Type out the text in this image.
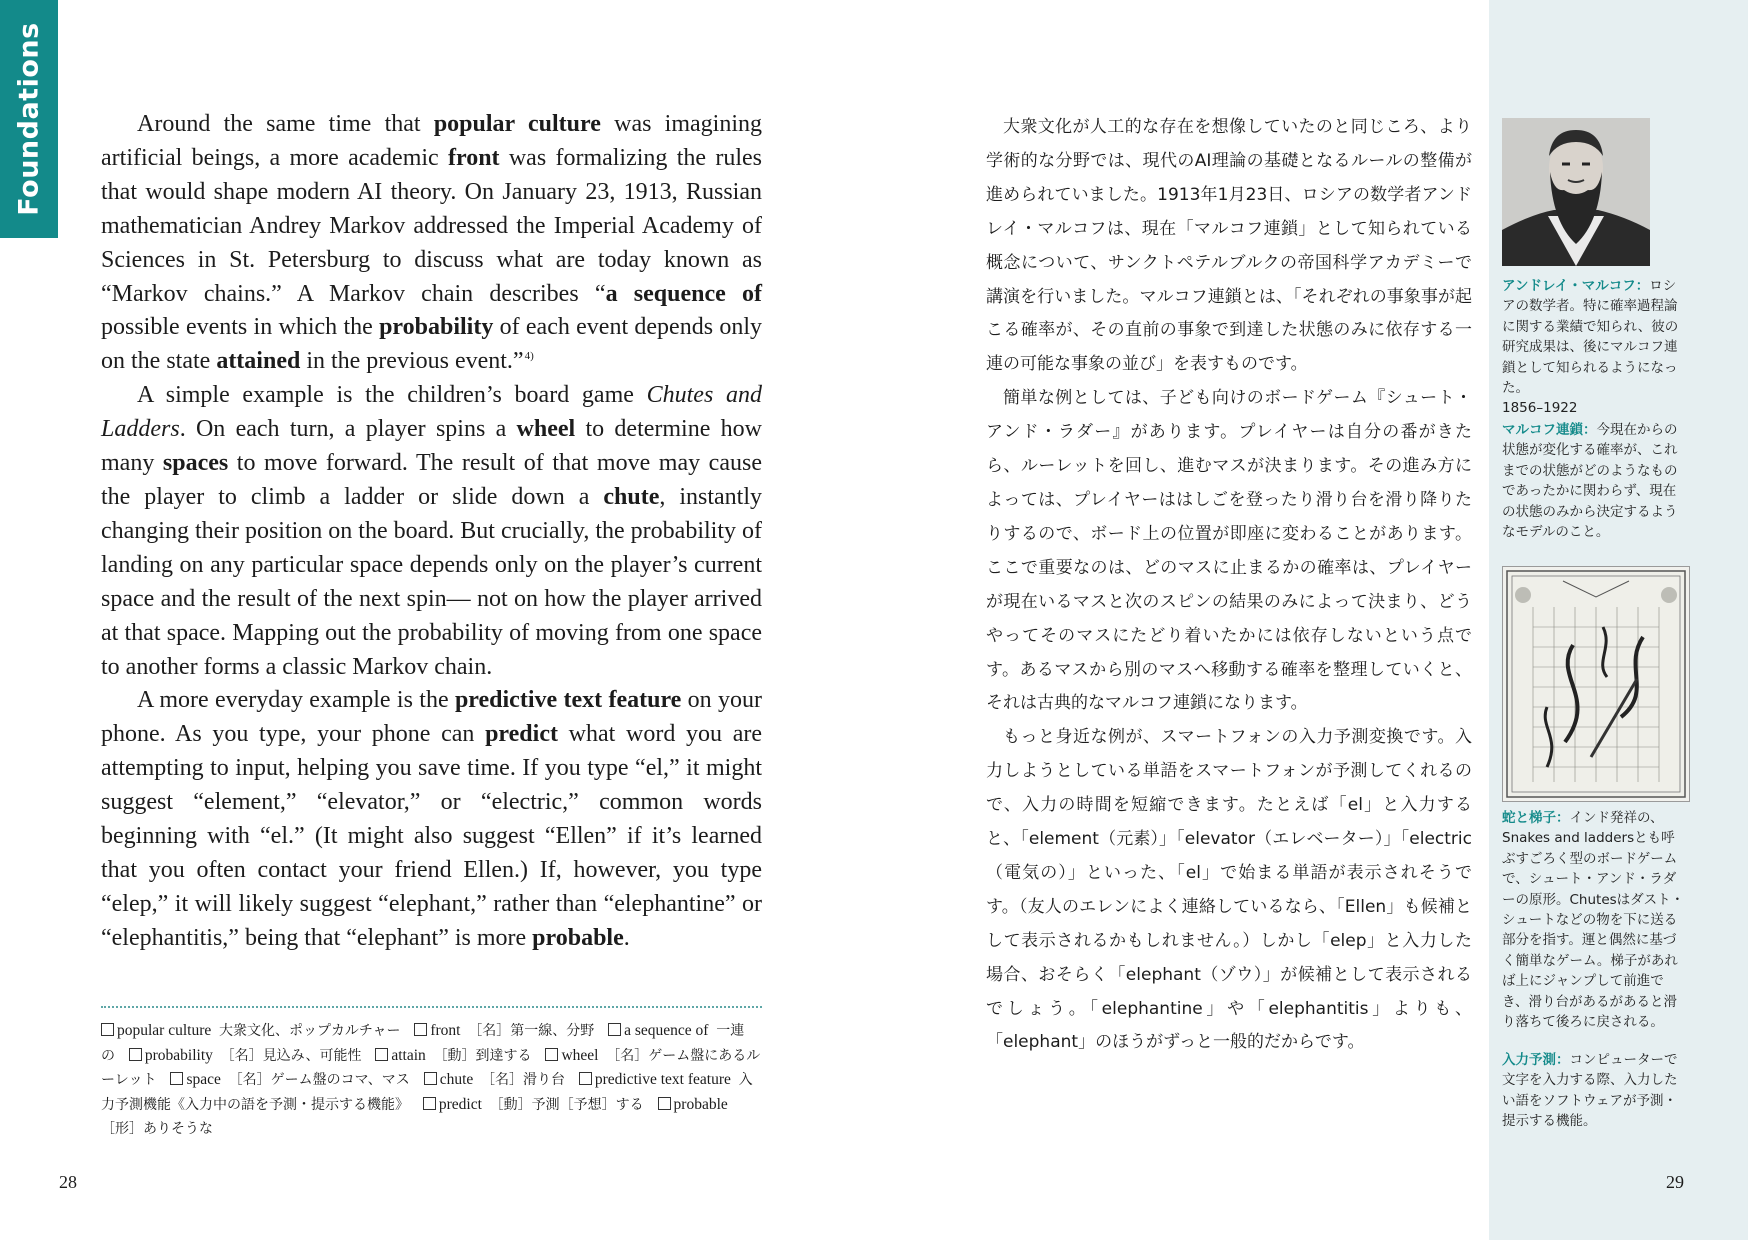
Foundations	Around the same time that popular culture was imagining artificial beings, a more academic front was formalizing the rules that would shape modern AI theory. On January 23, 1913, Russian mathematician Andrey Markov addressed the Imperial Academy of Sciences in St. Petersburg to discuss what are today known as “Markov chains.” A Markov chain describes “a sequence of possible events in which the probability of each event depends only on the state attained in the previous event.”$^{4)}$

A simple example is the children’s board game Chutes and Ladders. On each turn, a player spins a wheel to determine how many spaces to move forward. The result of that move may cause the player to climb a ladder or slide down a chute, instantly changing their position on the board. But crucially, the probability of landing on any particular space depends only on the player’s current space and the result of the next spin— not on how the player arrived at that space. Mapping out the probability of moving from one space to another forms a classic Markov chain.

A more everyday example is the predictive text feature on your phone. As you type, your phone can predict what word you are attempting to input, helping you save time. If you type “el,” it might suggest “element,” “elevator,” or “electric,” common words beginning with “el.” (It might also suggest “Ellen” if it’s learned that you often contact your friend Ellen.) If, however, you type “elep,” it will likely suggest “elephant,” rather than “elephantine” or “elephantitis,” being that “elephant” is more probable.

popular culture 大衆文化、ポップカルチャー front ［名］第一線、分野 a sequence of 一連の probability ［名］見込み、可能性 attain ［動］到達する wheel ［名］ゲーム盤にあるルーレット space ［名］ゲーム盤のコマ、マス chute ［名］滑り台 predictive text feature 入力予測機能《入力中の語を予測・提示する機能》 predict ［動］予測［予想］する probable ［形］ありそうな
28

大衆文化が人工的な存在を想像していたのと同じころ、より学術的な分野では、現代のAI理論の基礎となるルールの整備が進められていました。1913年1月23日、ロシアの数学者アンドレイ・マルコフは、現在「マルコフ連鎖」として知られている概念について、サンクトペテルブルクの帝国科学アカデミーで講演を行いました。マルコフ連鎖とは、「それぞれの事象事が起こる確率が、その直前の事象で到達した状態のみに依存する一連の可能な事象の並び」を表すものです。

簡単な例としては、子ども向けのボードゲーム『シュート・アンド・ラダー』があります。プレイヤーは自分の番がきたら、ルーレットを回し、進むマスが決まります。その進み方によっては、プレイヤーははしごを登ったり滑り台を滑り降りたりするので、ボード上の位置が即座に変わることがあります。ここで重要なのは、どのマスに止まるかの確率は、プレイヤーが現在いるマスと次のスピンの結果のみによって決まり、どうやってそのマスにたどり着いたかには依存しないという点です。あるマスから別のマスへ移動する確率を整理していくと、それは古典的なマルコフ連鎖になります。

もっと身近な例が、スマートフォンの入力予測変換です。入力しようとしている単語をスマートフォンが予測してくれるので、入力の時間を短縮できます。たとえば「el」と入力すると、「element（元素）」「elevator（エレベーター）」「electric（電気の）」といった、「el」で始まる単語が表示されそうです。（友人のエレンによく連絡しているなら、「Ellen」も候補として表示されるかもしれません。）しかし「elep」と入力した場合、おそらく「elephant（ゾウ）」が候補として表示されるでしょう。「elephantine」や「elephantitis」よりも、「elephant」のほうがずっと一般的だからです。

アンドレイ・マルコフ：ロシアの数学者。特に確率過程論に関する業績で知られ、彼の研究成果は、後にマルコフ連鎖として知られるようになった。
1856–1922

マルコフ連鎖：今現在からの状態が変化する確率が、これまでの状態がどのようなものであったかに関わらず、現在の状態のみから決定するようなモデルのこと。

蛇と梯子：インド発祥の、Snakes and laddersとも呼ぶすごろく型のボードゲームで、シュート・アンド・ラダーの原形。Chutesはダスト・シュートなどの物を下に送る部分を指す。運と偶然に基づく簡単なゲーム。梯子があれば上にジャンプして前進でき、滑り台があるがあると滑り落ちて後ろに戻される。

入力予測：コンピューターで文字を入力する際、入力したい語をソフトウェアが予測・提示する機能。

29
